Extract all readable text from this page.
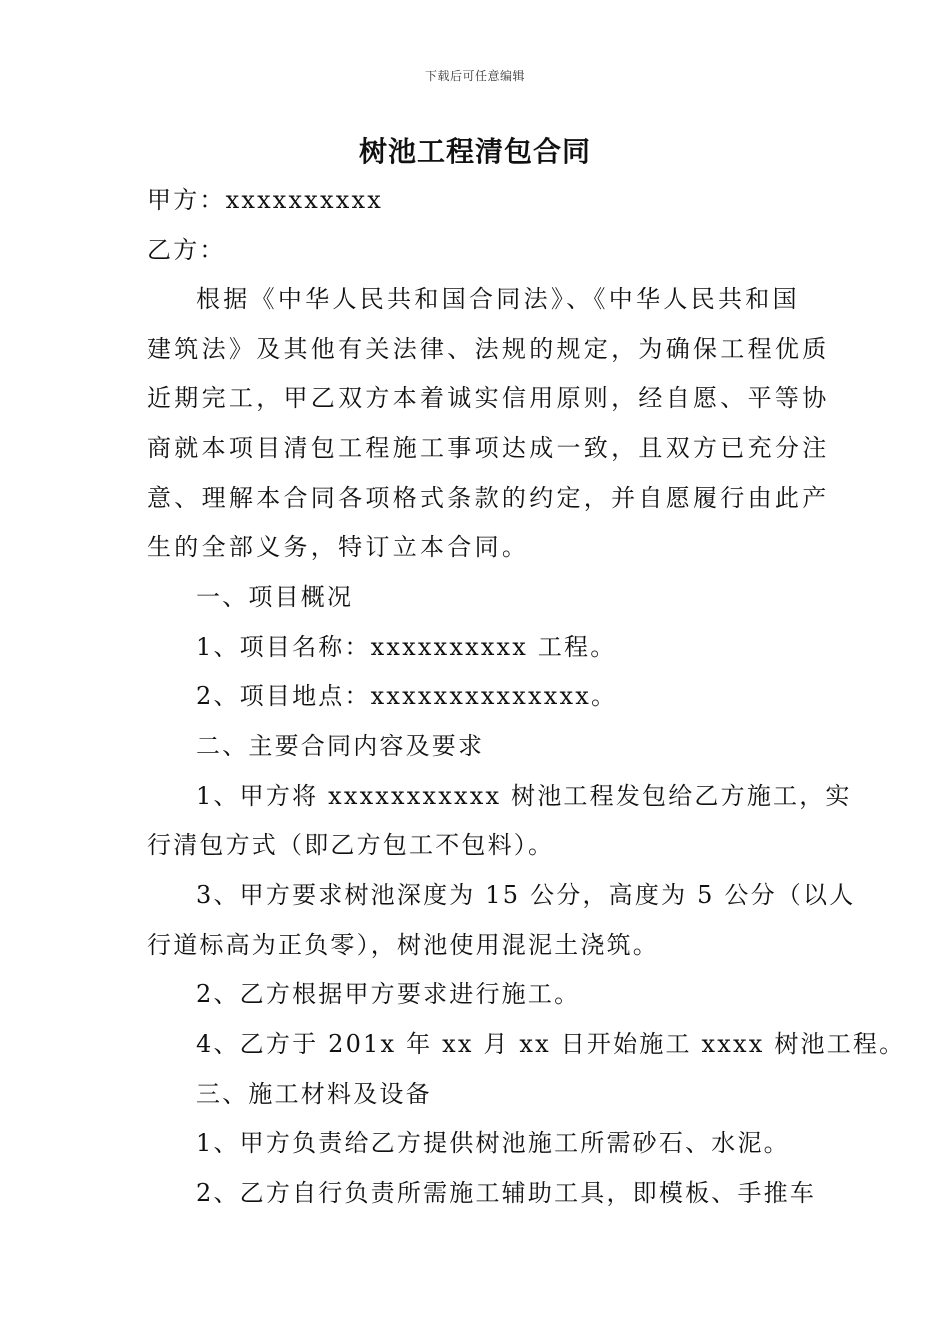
下载后可任意编辑
树池工程清包合同
甲方：xxxxxxxxxx
乙方：
根据《中华人民共和国合同法》、《中华人民共和国
建筑法》及其他有关法律、法规的规定，为确保工程优质
近期完工，甲乙双方本着诚实信用原则，经自愿、平等协
商就本项目清包工程施工事项达成一致，且双方已充分注
意、理解本合同各项格式条款的约定，并自愿履行由此产
生的全部义务，特订立本合同。
一、项目概况
1、项目名称：xxxxxxxxxx 工程。
2、项目地点：xxxxxxxxxxxxxx。
二、主要合同内容及要求
1、甲方将 xxxxxxxxxxx 树池工程发包给乙方施工，实
行清包方式（即乙方包工不包料）。
3、甲方要求树池深度为 15 公分，高度为 5 公分（以人
行道标高为正负零），树池使用混泥土浇筑。
2、乙方根据甲方要求进行施工。
4、乙方于 201x 年 xx 月 xx 日开始施工 xxxx 树池工程。
三、施工材料及设备
1、甲方负责给乙方提供树池施工所需砂石、水泥。
2、乙方自行负责所需施工辅助工具，即模板、手推车
